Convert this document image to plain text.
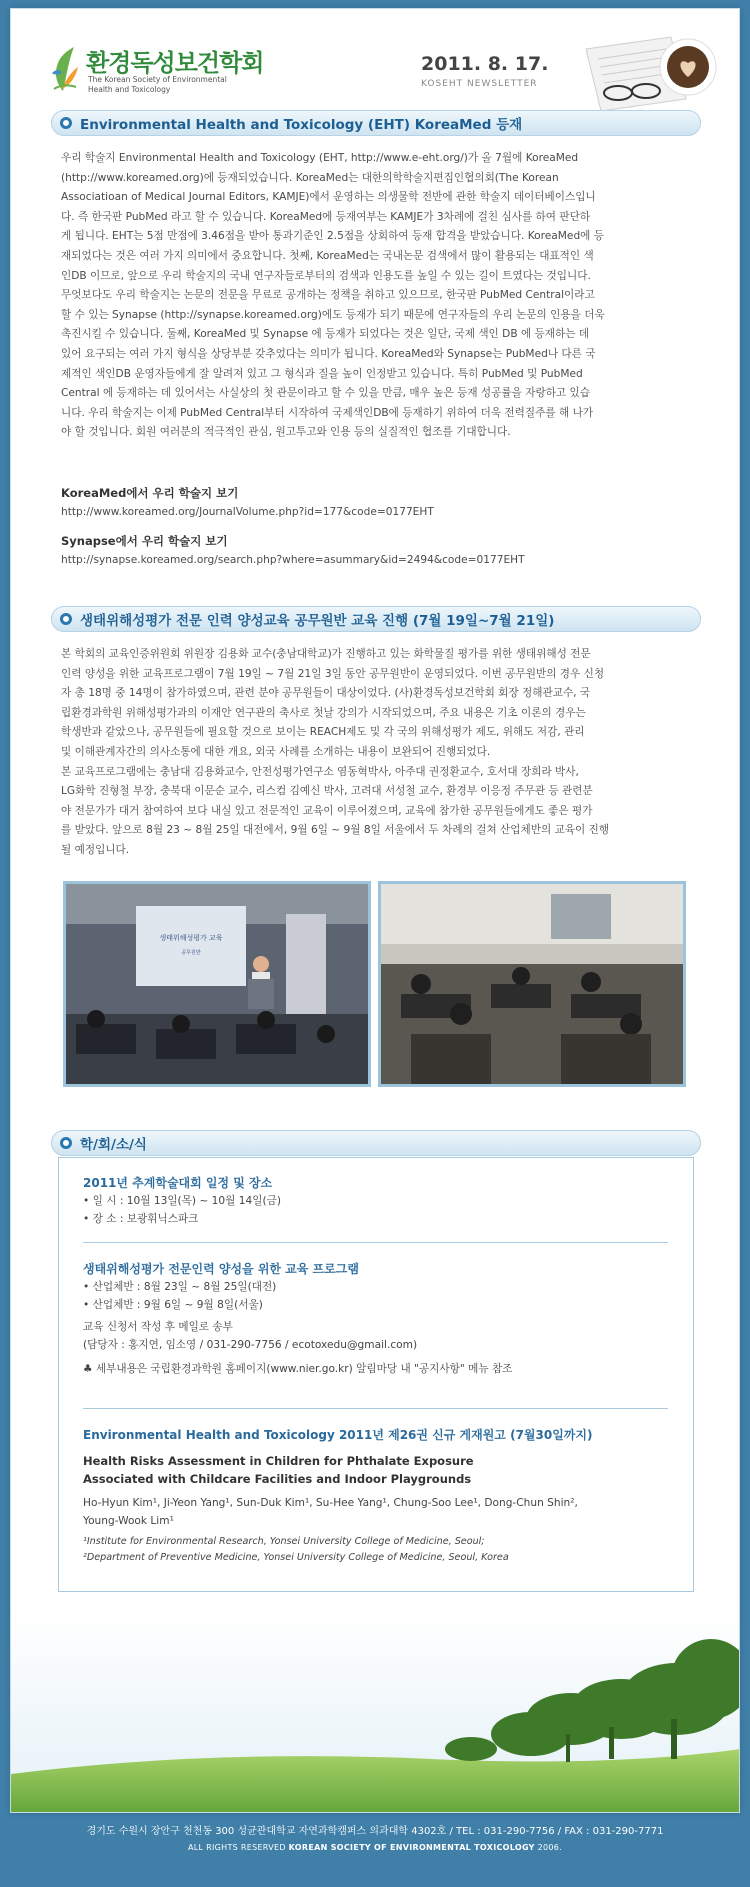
환경독성보건학회
The Korean Society of Environmental
Health and Toxicology
2011. 8. 17.
KOSEHT NEWSLETTER
Environmental Health and Toxicology (EHT) KoreaMed 등재
우리 학술지 Environmental Health and Toxicology (EHT, http://www.e-eht.org/)가 올 7월에 KoreaMed
(http://www.koreamed.org)에 등재되었습니다. KoreaMed는 대한의학학술지편집인협의회(The Korean
Associatioan of Medical Journal Editors, KAMJE)에서 운영하는 의생물학 전반에 관한 학술지 데이터베이스입니
다. 즉 한국판 PubMed 라고 할 수 있습니다. KoreaMed에 등재여부는 KAMJE가 3차례에 걸친 심사를 하여 판단하
게 됩니다. EHT는 5점 만점에 3.46점을 받아 통과기준인 2.5점을 상회하여 등재 합격을 받았습니다. KoreaMed에 등
재되었다는 것은 여러 가지 의미에서 중요합니다. 첫째, KoreaMed는 국내논문 검색에서 많이 활용되는 대표적인 색
인DB 이므로, 앞으로 우리 학술지의 국내 연구자들로부터의 검색과 인용도를 높일 수 있는 길이 트였다는 것입니다.
무엇보다도 우리 학술지는 논문의 전문을 무료로 공개하는 정책을 취하고 있으므로, 한국판 PubMed Central이라고
할 수 있는 Synapse (http://synapse.koreamed.org)에도 등재가 되기 때문에 연구자들의 우리 논문의 인용을 더욱
촉진시킬 수 있습니다. 둘째, KoreaMed 및 Synapse 에 등재가 되었다는 것은 일단, 국제 색인 DB 에 등재하는 데
있어 요구되는 여러 가지 형식을 상당부분 갖추었다는 의미가 됩니다. KoreaMed와 Synapse는 PubMed나 다른 국
제적인 색인DB 운영자들에게 잘 알려져 있고 그 형식과 질을 높이 인정받고 있습니다. 특히 PubMed 및 PubMed
Central 에 등재하는 데 있어서는 사실상의 첫 관문이라고 할 수 있을 만큼, 매우 높은 등재 성공률을 자랑하고 있습
니다. 우리 학술지는 이제 PubMed Central부터 시작하여 국제색인DB에 등재하기 위하여 더욱 전력질주를 해 나가
야 할 것입니다. 회원 여러분의 적극적인 관심, 원고투고와 인용 등의 실질적인 협조를 기대합니다.
KoreaMed에서 우리 학술지 보기
http://www.koreamed.org/JournalVolume.php?id=177&code=0177EHT
Synapse에서 우리 학술지 보기
http://synapse.koreamed.org/search.php?where=asummary&id=2494&code=0177EHT
생태위해성평가 전문 인력 양성교육 공무원반 교육 진행 (7월 19일~7월 21일)
본 학회의 교육인증위원회 위원장 김용화 교수(충남대학교)가 진행하고 있는 화학물질 평가를 위한 생태위해성 전문
인력 양성을 위한 교육프로그램이 7월 19일 ~ 7월 21일 3일 동안 공무원반이 운영되었다. 이번 공무원반의 경우 신청
자 총 18명 중 14명이 참가하였으며, 관련 분야 공무원들이 대상이었다. (사)환경독성보건학회 회장 정해관교수, 국
립환경과학원 위해성평가과의 이재안 연구관의 축사로 첫날 강의가 시작되었으며, 주요 내용은 기초 이론의 경우는
학생반과 같았으나, 공무원들에 필요할 것으로 보이는 REACH제도 및 각 국의 위해성평가 제도, 위해도 저감, 관리
및 이해관계자간의 의사소통에 대한 개요, 외국 사례를 소개하는 내용이 보완되어 진행되었다.
본 교육프로그램에는 충남대 김용화교수, 안전성평가연구소 염동혁박사, 아주대 권정환교수, 호서대 장희라 박사,
LG화학 진형철 부장, 충북대 이문순 교수, 리스컴 김예신 박사, 고려대 서성철 교수, 환경부 이응정 주무관 등 관련분
야 전문가가 대거 참여하여 보다 내실 있고 전문적인 교육이 이루어졌으며, 교육에 참가한 공무원들에게도 좋은 평가
를 받았다. 앞으로 8월 23 ~ 8월 25일 대전에서, 9월 6일 ~ 9월 8일 서울에서 두 차례의 걸쳐 산업체반의 교육이 진행
될 예정입니다.
생태위해성평가 교육
공무원반
학/회/소/식
2011년 추계학술대회 일정 및 장소
• 일 시 : 10월 13일(목) ~ 10월 14일(금)
• 장 소 : 보광휘닉스파크
생태위해성평가 전문인력 양성을 위한 교육 프로그램
• 산업체반 : 8월 23일 ~ 8월 25일(대전)
• 산업체반 : 9월 6일 ~ 9월 8일(서울)
교육 신청서 작성 후 메일로 송부
(담당자 : 홍지연, 임소영 / 031-290-7756 / ecotoxedu@gmail.com)
♣ 세부내용은 국립환경과학원 홈페이지(www.nier.go.kr) 알림마당 내 "공지사항" 메뉴 참조
Environmental Health and Toxicology 2011년 제26권 신규 게재원고 (7월30일까지)
Health Risks Assessment in Children for Phthalate Exposure
Associated with Childcare Facilities and Indoor Playgrounds
Ho-Hyun Kim¹, Ji-Yeon Yang¹, Sun-Duk Kim¹, Su-Hee Yang¹, Chung-Soo Lee¹, Dong-Chun Shin²,
Young-Wook Lim¹
¹Institute for Environmental Research, Yonsei University College of Medicine, Seoul;
²Department of Preventive Medicine, Yonsei University College of Medicine, Seoul, Korea
경기도 수원시 장안구 천천동 300 성균관대학교 자연과학캠퍼스 의과대학 4302호 / TEL : 031-290-7756 / FAX : 031-290-7771
ALL RIGHTS RESERVED KOREAN SOCIETY OF ENVIRONMENTAL TOXICOLOGY 2006.
